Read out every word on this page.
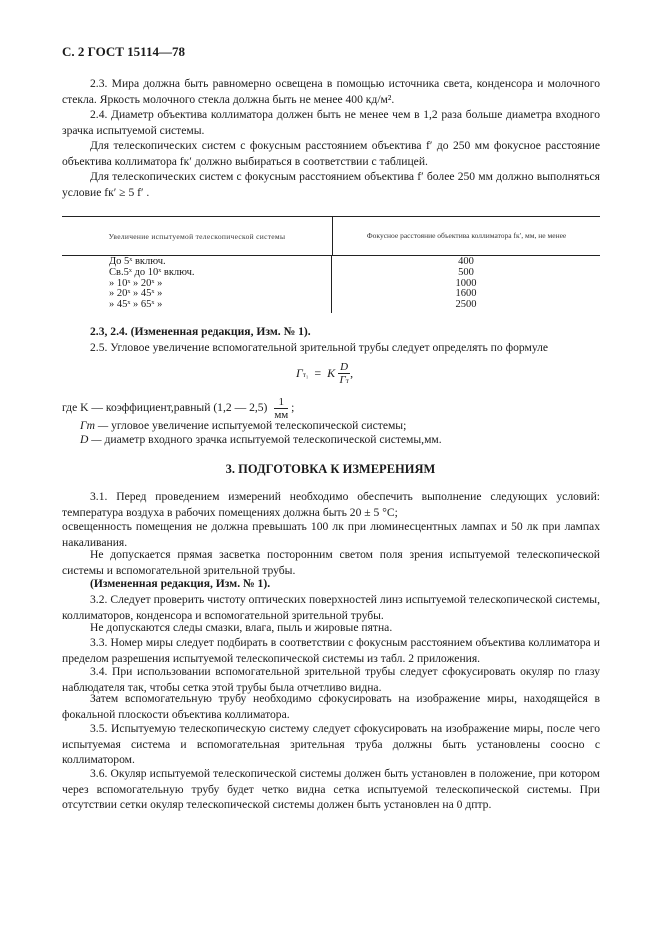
С. 2 ГОСТ 15114—78

2.3. Мира должна быть равномерно освещена в помощью источника света, конденсора и молочного стекла. Яркость молочного стекла должна быть не менее 400 кд/м².

2.4. Диаметр объектива коллиматора должен быть не менее чем в 1,2 раза больше диаметра входного зрачка испытуемой системы.

Для телескопических систем с фокусным расстоянием объектива f′ до 250 мм фокусное расстояние объектива коллиматора fк′ должно выбираться в соответствии с таблицей.

Для телескопических систем с фокусным расстоянием объектива f′ более 250 мм должно выполняться условие fк′ ≥ 5 f′ .

Увеличение испытуемой телескопической системы	Фокусное расстояние объектива коллиматора fк′, мм, не менее
До 5ˣ включ.
Св.5ˣ до 10ˣ включ.
» 10ˣ » 20ˣ »
» 20ˣ » 45ˣ »
» 45ˣ » 65ˣ »
400
500
1000
1600
2500

2.3, 2.4. (Измененная редакция, Изм. № 1).

2.5. Угловое увеличение вспомогательной зрительной трубы следует определять по формуле

Гт₁ = K $\frac{D}{Гт}$ ,
где K — коэффициент,равный (1,2 — $2,5) \frac{1}{мм}$ ;
Гт — угловое увеличение испытуемой телескопической системы;
D — диаметр входного зрачка испытуемой телескопической системы,мм.
3. ПОДГОТОВКА К ИЗМЕРЕНИЯМ

3.1. Перед проведением измерений необходимо обеспечить выполнение следующих условий: температура воздуха в рабочих помещениях должна быть 20 ± 5 °С;

освещенность помещения не должна превышать 100 лк при люминесцентных лампах и 50 лк при лампах накаливания.

Не допускается прямая засветка посторонним светом поля зрения испытуемой телескопической системы и вспомогательной зрительной трубы.

(Измененная редакция, Изм. № 1).

3.2. Следует проверить чистоту оптических поверхностей линз испытуемой телескопической системы, коллиматоров, конденсора и вспомогательной зрительной трубы.

Не допускаются следы смазки, влага, пыль и жировые пятна.

3.3. Номер миры следует подбирать в соответствии с фокусным расстоянием объектива коллиматора и пределом разрешения испытуемой телескопической системы из табл. 2 приложения.

3.4. При использовании вспомогательной зрительной трубы следует сфокусировать окуляр по глазу наблюдателя так, чтобы сетка этой трубы была отчетливо видна.

Затем вспомогательную трубу необходимо сфокусировать на изображение миры, находящейся в фокальной плоскости объектива коллиматора.

3.5. Испытуемую телескопическую систему следует сфокусировать на изображение миры, после чего испытуемая система и вспомогательная зрительная труба должны быть установлены соосно с коллиматором.

3.6. Окуляр испытуемой телескопической системы должен быть установлен в положение, при котором через вспомогательную трубу будет четко видна сетка испытуемой телескопической системы. При отсутствии сетки окуляр телескопической системы должен быть установлен на 0 дптр.
